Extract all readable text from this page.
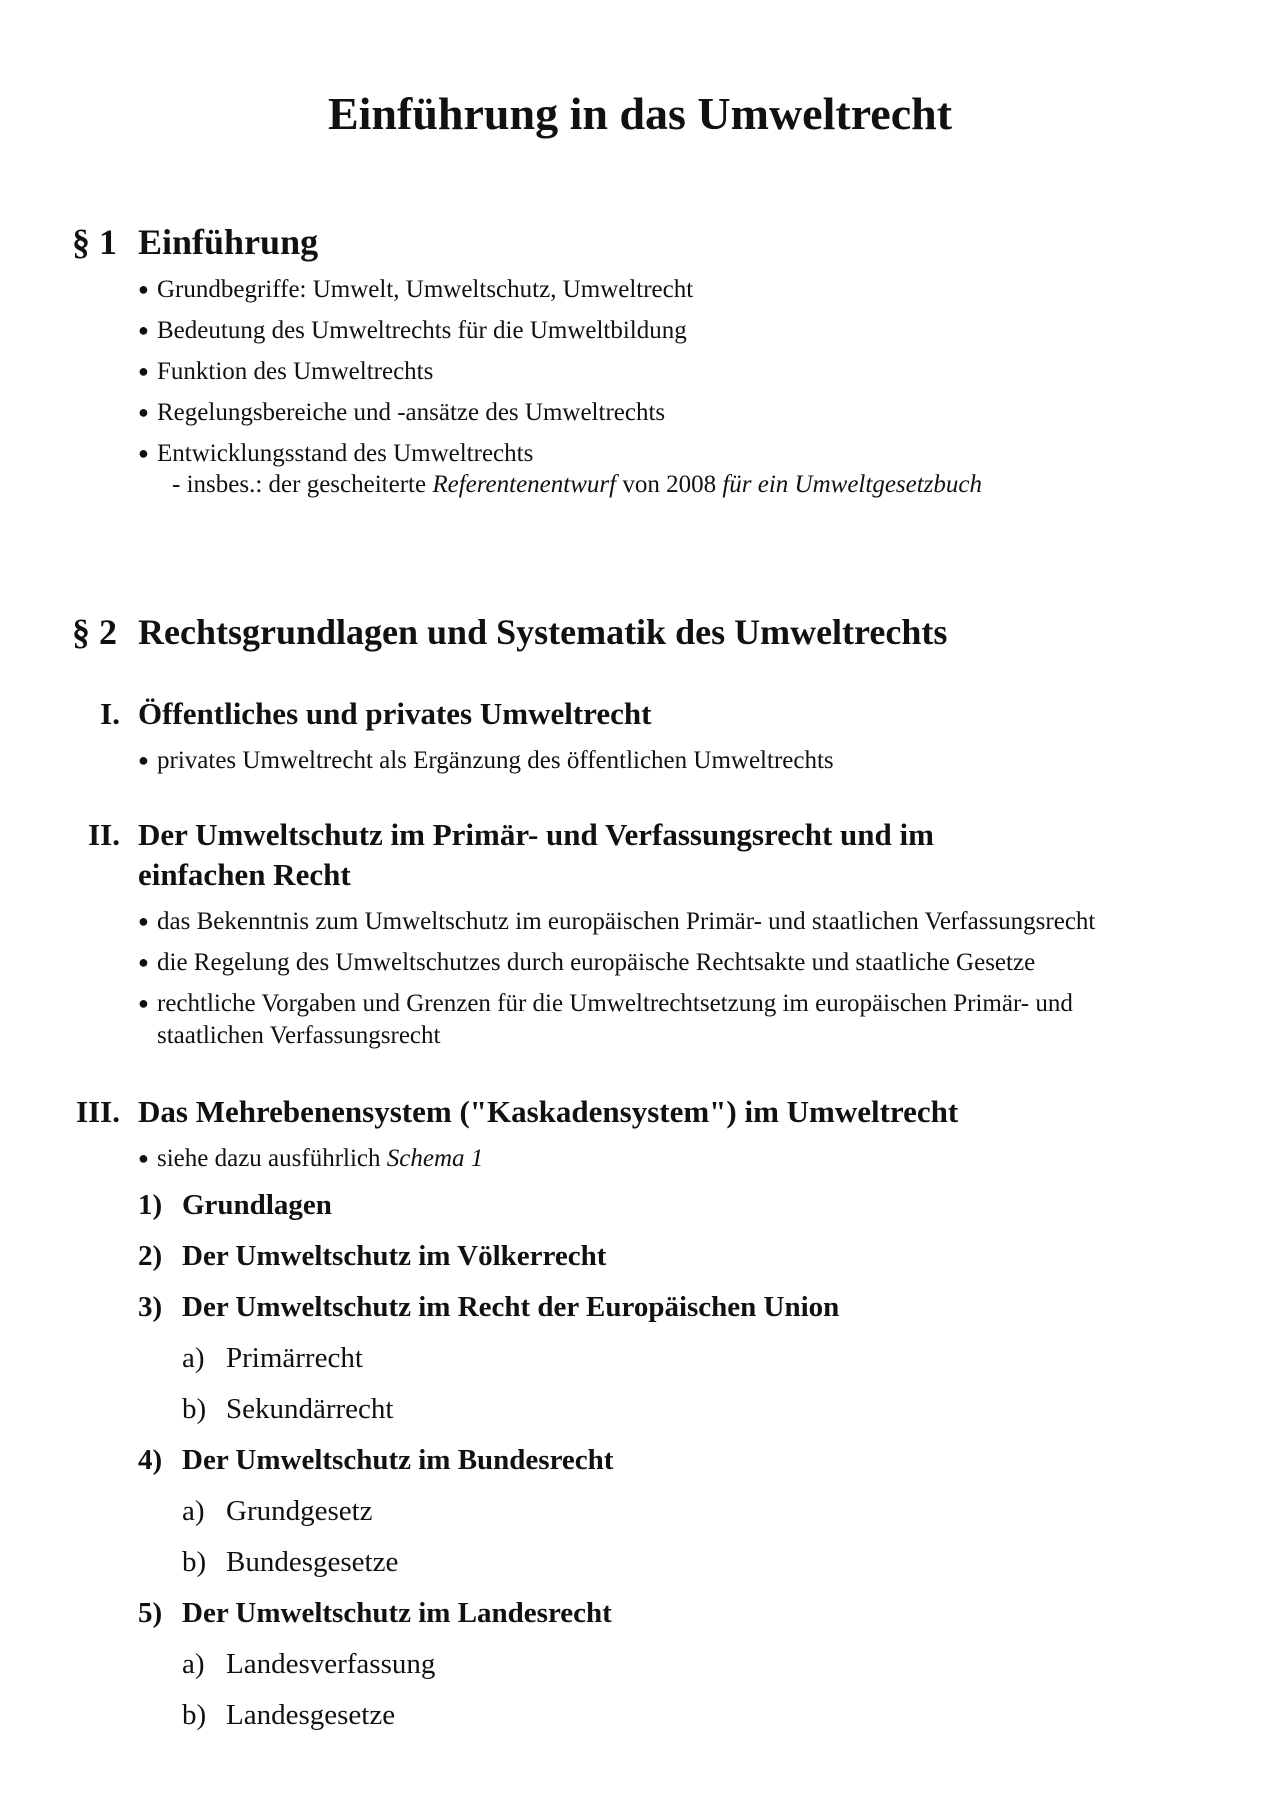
Einführung in das Umweltrecht
§ 1 Einführung
● Grundbegriffe: Umwelt, Umweltschutz, Umweltrecht
● Bedeutung des Umweltrechts für die Umweltbildung
● Funktion des Umweltrechts
● Regelungsbereiche und -ansätze des Umweltrechts
● Entwicklungsstand des Umweltrechts
- insbes.: der gescheiterte Referentenentwurf von 2008 für ein Umweltgesetzbuch
§ 2 Rechtsgrundlagen und Systematik des Umweltrechts
I. Öffentliches und privates Umweltrecht
● privates Umweltrecht als Ergänzung des öffentlichen Umweltrechts
II. Der Umweltschutz im Primär- und Verfassungsrecht und im
einfachen Recht
● das Bekenntnis zum Umweltschutz im europäischen Primär- und staatlichen Verfassungsrecht
● die Regelung des Umweltschutzes durch europäische Rechtsakte und staatliche Gesetze
● rechtliche Vorgaben und Grenzen für die Umweltrechtsetzung im europäischen Primär- und
staatlichen Verfassungsrecht
III. Das Mehrebenensystem ("Kaskadensystem") im Umweltrecht
● siehe dazu ausführlich Schema 1
1) Grundlagen
2) Der Umweltschutz im Völkerrecht
3) Der Umweltschutz im Recht der Europäischen Union
a) Primärrecht
b) Sekundärrecht
4) Der Umweltschutz im Bundesrecht
a) Grundgesetz
b) Bundesgesetze
5) Der Umweltschutz im Landesrecht
a) Landesverfassung
b) Landesgesetze
